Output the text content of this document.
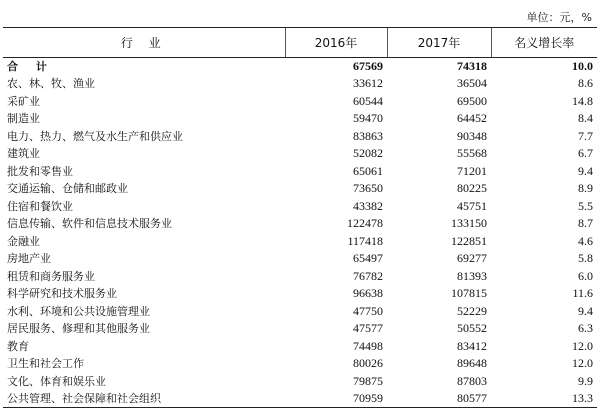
单位：元，%
行 业	2016年	2017年	名义增长率
合 计	67569	74318	10.0
农、林、牧、渔业	33612	36504	8.6
采矿业	60544	69500	14.8
制造业	59470	64452	8.4
电力、热力、燃气及水生产和供应业	83863	90348	7.7
建筑业	52082	55568	6.7
批发和零售业	65061	71201	9.4
交通运输、仓储和邮政业	73650	80225	8.9
住宿和餐饮业	43382	45751	5.5
信息传输、软件和信息技术服务业	122478	133150	8.7
金融业	117418	122851	4.6
房地产业	65497	69277	5.8
租赁和商务服务业	76782	81393	6.0
科学研究和技术服务业	96638	107815	11.6
水利、环境和公共设施管理业	47750	52229	9.4
居民服务、修理和其他服务业	47577	50552	6.3
教育	74498	83412	12.0
卫生和社会工作	80026	89648	12.0
文化、体育和娱乐业	79875	87803	9.9
公共管理、社会保障和社会组织	70959	80577	13.3
